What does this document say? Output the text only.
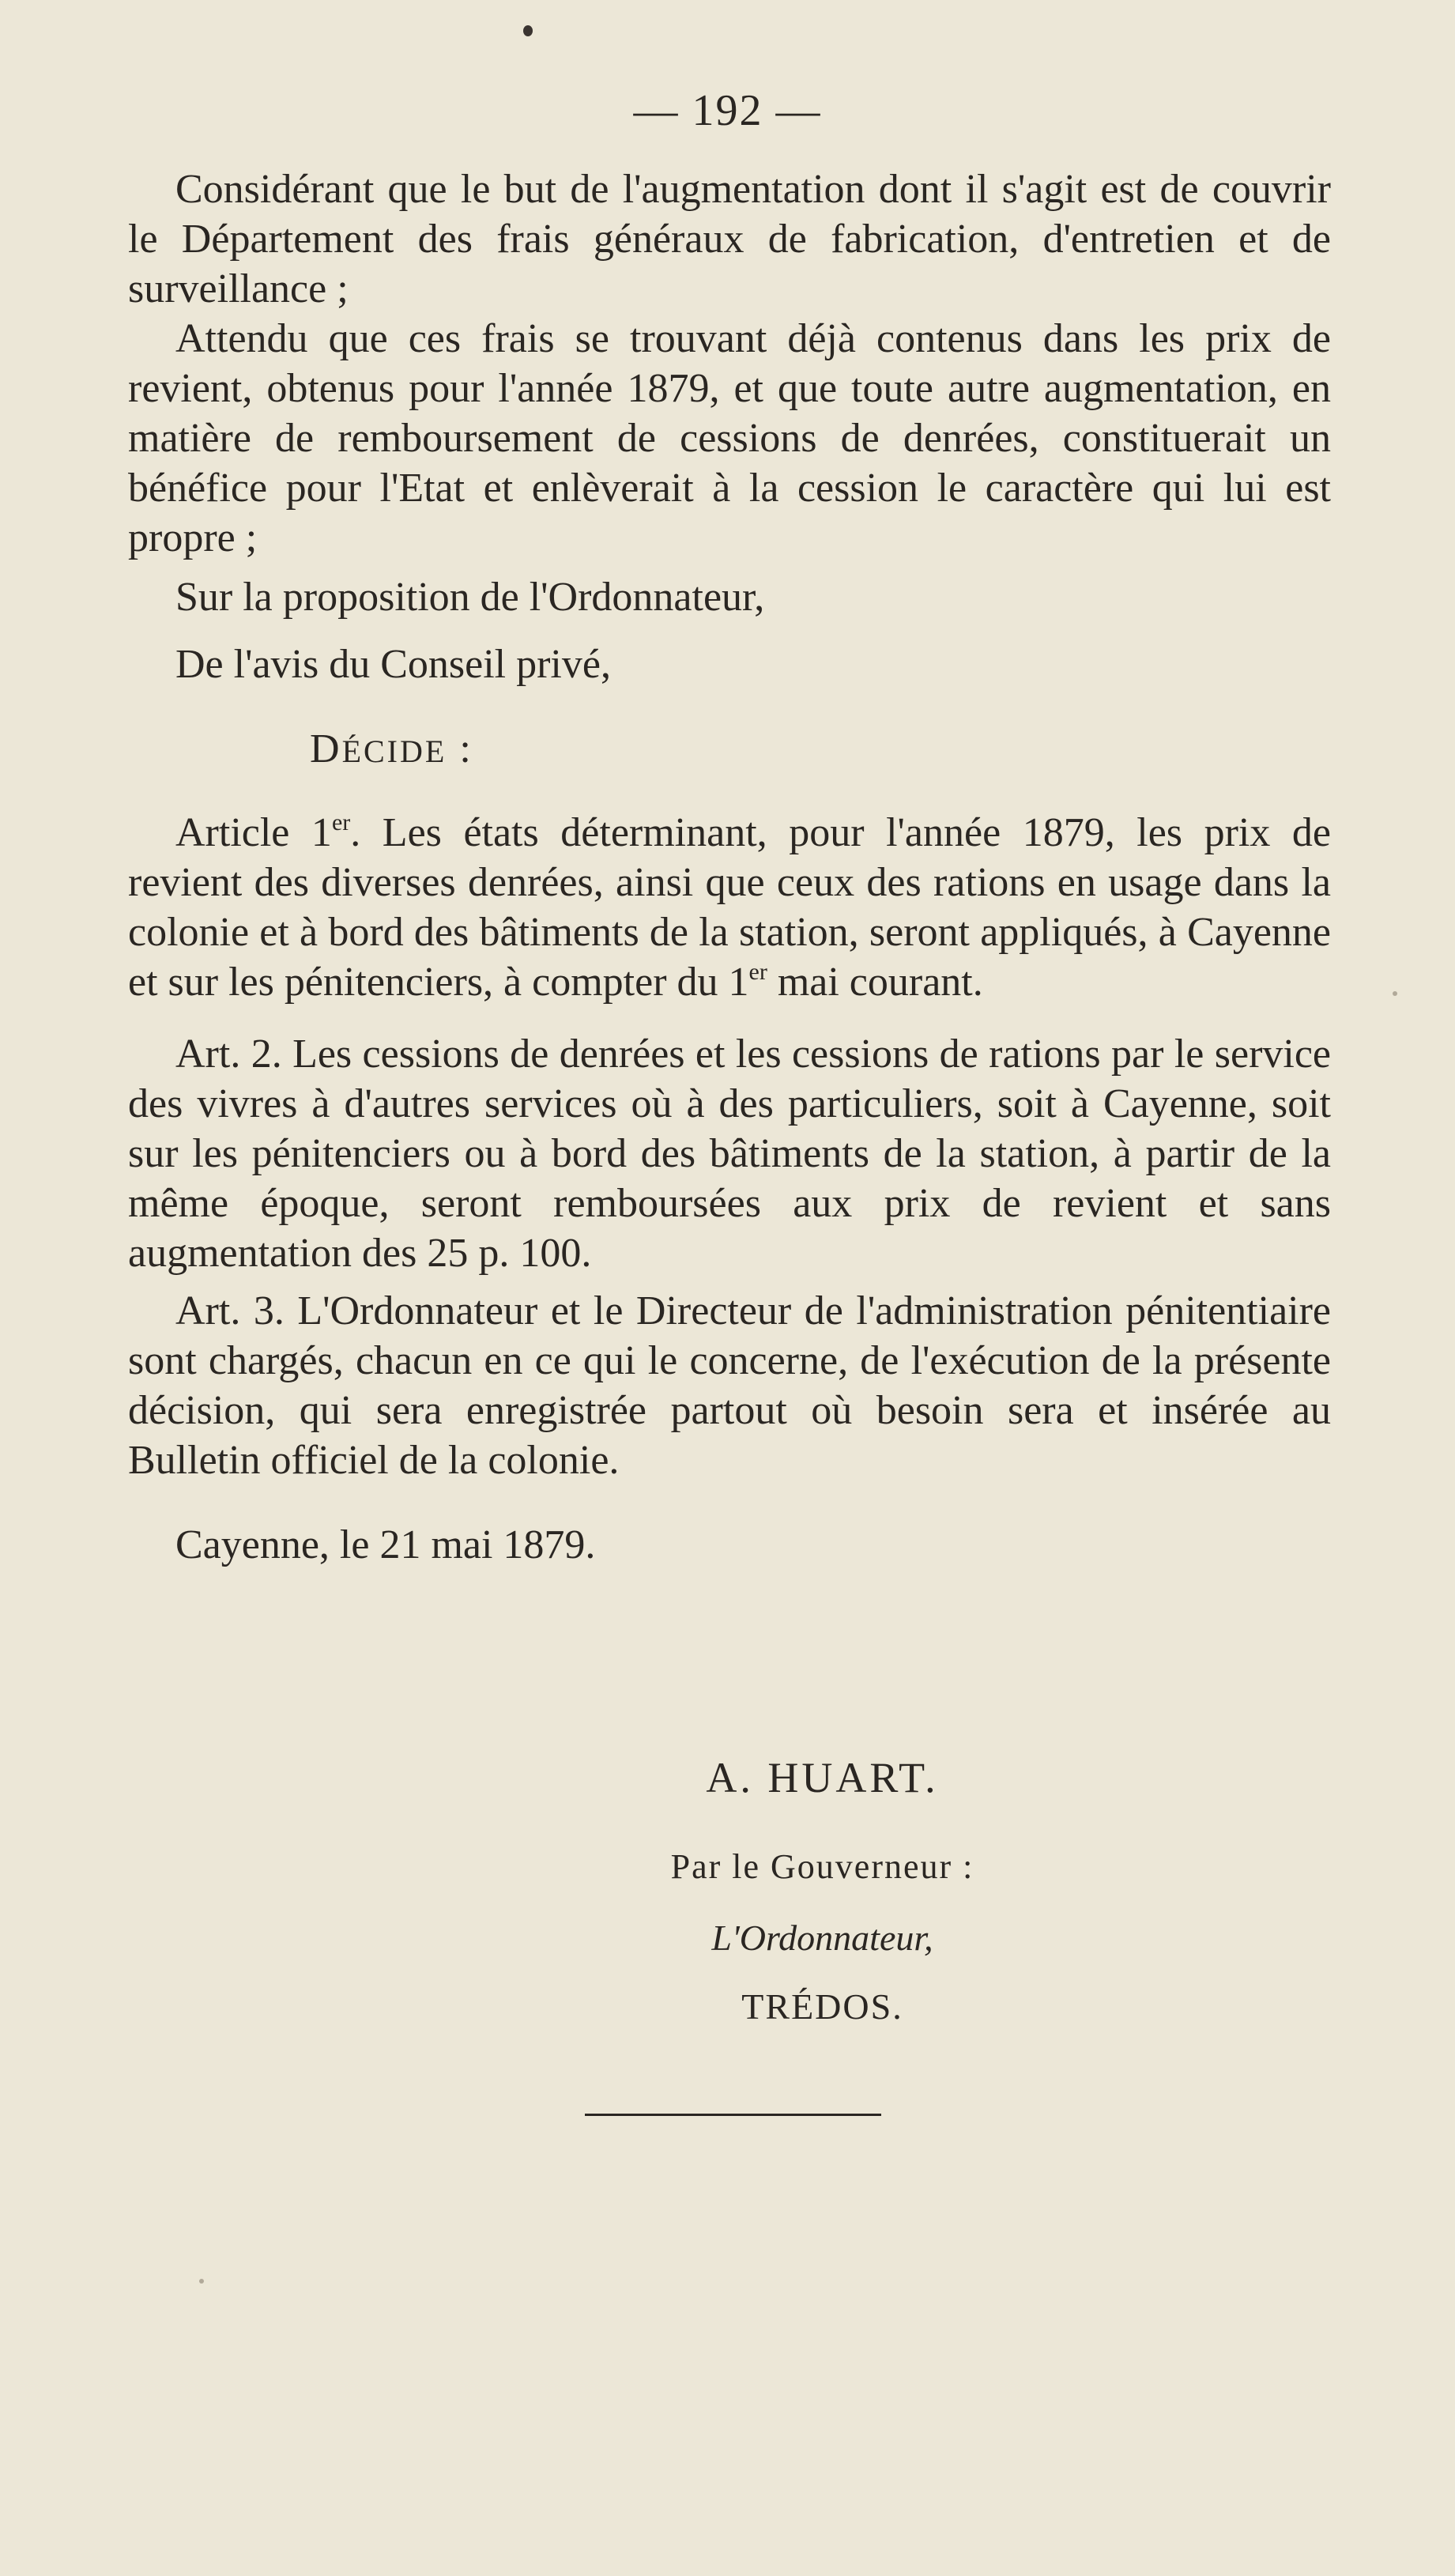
— 192 —

Considérant que le but de l'augmentation dont il s'agit est de couvrir le Département des frais généraux de fabrication, d'entretien et de surveillance ;

Attendu que ces frais se trouvant déjà contenus dans les prix de revient, obtenus pour l'année 1879, et que toute autre augmentation, en matière de remboursement de cessions de denrées, constituerait un bénéfice pour l'Etat et enlèverait à la cession le caractère qui lui est propre ;

Sur la proposition de l'Ordonnateur,

De l'avis du Conseil privé,

DÉCIDE :

Article 1er. Les états déterminant, pour l'année 1879, les prix de revient des diverses denrées, ainsi que ceux des rations en usage dans la colonie et à bord des bâtiments de la station, seront appliqués, à Cayenne et sur les pénitenciers, à compter du 1er mai courant.

Art. 2. Les cessions de denrées et les cessions de rations par le service des vivres à d'autres services où à des particuliers, soit à Cayenne, soit sur les pénitenciers ou à bord des bâtiments de la station, à partir de la même époque, seront remboursées aux prix de revient et sans augmentation des 25 p. 100.

Art. 3. L'Ordonnateur et le Directeur de l'administration pénitentiaire sont chargés, chacun en ce qui le concerne, de l'exécution de la présente décision, qui sera enregistrée partout où besoin sera et insérée au Bulletin officiel de la colonie.

Cayenne, le 21 mai 1879.

A. HUART.
Par le Gouverneur :
L'Ordonnateur,
TRÉDOS.
